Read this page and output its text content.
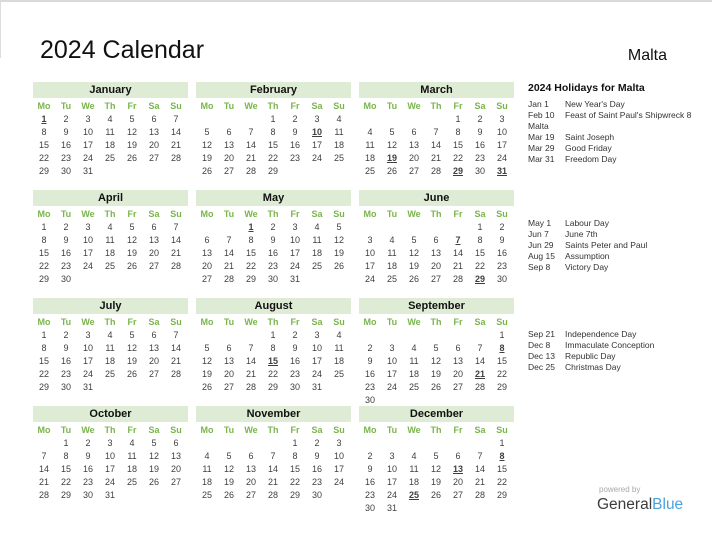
2024 Calendar	Malta
January
Mo	Tu	We	Th	Fr	Sa	Su
1	2	3	4	5	6	7
8	9	10	11	12	13	14
15	16	17	18	19	20	21
22	23	24	25	26	27	28
29	30	31				
February
Mo	Tu	We	Th	Fr	Sa	Su
			1	2	3	4
5	6	7	8	9	10	11
12	13	14	15	16	17	18
19	20	21	22	23	24	25
26	27	28	29			
March
Mo	Tu	We	Th	Fr	Sa	Su
				1	2	3
4	5	6	7	8	9	10
11	12	13	14	15	16	17
18	19	20	21	22	23	24
25	26	27	28	29	30	31
April
Mo	Tu	We	Th	Fr	Sa	Su
1	2	3	4	5	6	7
8	9	10	11	12	13	14
15	16	17	18	19	20	21
22	23	24	25	26	27	28
29	30					
May
Mo	Tu	We	Th	Fr	Sa	Su
		1	2	3	4	5
6	7	8	9	10	11	12
13	14	15	16	17	18	19
20	21	22	23	24	25	26
27	28	29	30	31		
June
Mo	Tu	We	Th	Fr	Sa	Su
					1	2
3	4	5	6	7	8	9
10	11	12	13	14	15	16
17	18	19	20	21	22	23
24	25	26	27	28	29	30
July
Mo	Tu	We	Th	Fr	Sa	Su
1	2	3	4	5	6	7
8	9	10	11	12	13	14
15	16	17	18	19	20	21
22	23	24	25	26	27	28
29	30	31				
August
Mo	Tu	We	Th	Fr	Sa	Su
			1	2	3	4
5	6	7	8	9	10	11
12	13	14	15	16	17	18
19	20	21	22	23	24	25
26	27	28	29	30	31	
September
Mo	Tu	We	Th	Fr	Sa	Su
						1
2	3	4	5	6	7	8
9	10	11	12	13	14	15
16	17	18	19	20	21	22
23	24	25	26	27	28	29
30						
October
Mo	Tu	We	Th	Fr	Sa	Su
	1	2	3	4	5	6
7	8	9	10	11	12	13
14	15	16	17	18	19	20
21	22	23	24	25	26	27
28	29	30	31			
November
Mo	Tu	We	Th	Fr	Sa	Su
				1	2	3
4	5	6	7	8	9	10
11	12	13	14	15	16	17
18	19	20	21	22	23	24
25	26	27	28	29	30	
December
Mo	Tu	We	Th	Fr	Sa	Su
						1
2	3	4	5	6	7	8
9	10	11	12	13	14	15
16	17	18	19	20	21	22
23	24	25	26	27	28	29
30	31					
2024 Holidays for Malta
Jan 1 New Year's Day
Feb 10 Feast of Saint Paul's Shipwreck 8 Malta
Mar 19 Saint Joseph
Mar 29 Good Friday
Mar 31 Freedom Day
May 1 Labour Day
Jun 7 June 7th
Jun 29 Saints Peter and Paul
Aug 15 Assumption
Sep 8 Victory Day
Sep 21 Independence Day
Dec 8 Immaculate Conception
Dec 13 Republic Day
Dec 25 Christmas Day
powered by
GeneralBlue
